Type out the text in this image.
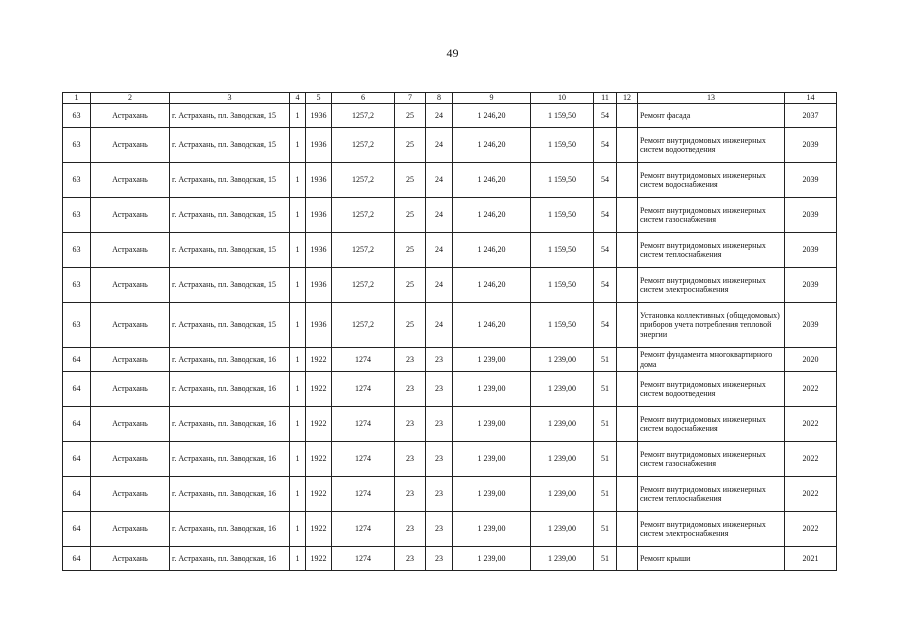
49
1	2	3	4	5	6	7	8	9	10	11	12	13	14
63	Астрахань	г. Астрахань, пл. Заводская, 15	1	1936	1257,2	25	24	1 246,20	1 159,50	54		Ремонт фасада	2037
63	Астрахань	г. Астрахань, пл. Заводская, 15	1	1936	1257,2	25	24	1 246,20	1 159,50	54		Ремонт внутридомовых инженерных систем водоотведения	2039
63	Астрахань	г. Астрахань, пл. Заводская, 15	1	1936	1257,2	25	24	1 246,20	1 159,50	54		Ремонт внутридомовых инженерных систем водоснабжения	2039
63	Астрахань	г. Астрахань, пл. Заводская, 15	1	1936	1257,2	25	24	1 246,20	1 159,50	54		Ремонт внутридомовых инженерных систем газоснабжения	2039
63	Астрахань	г. Астрахань, пл. Заводская, 15	1	1936	1257,2	25	24	1 246,20	1 159,50	54		Ремонт внутридомовых инженерных систем теплоснабжения	2039
63	Астрахань	г. Астрахань, пл. Заводская, 15	1	1936	1257,2	25	24	1 246,20	1 159,50	54		Ремонт внутридомовых инженерных систем электроснабжения	2039
63	Астрахань	г. Астрахань, пл. Заводская, 15	1	1936	1257,2	25	24	1 246,20	1 159,50	54		Установка коллективных (общедомовых) приборов учета потребления тепловой энергии	2039
64	Астрахань	г. Астрахань, пл. Заводская, 16	1	1922	1274	23	23	1 239,00	1 239,00	51		Ремонт фундамента многоквартирного дома	2020
64	Астрахань	г. Астрахань, пл. Заводская, 16	1	1922	1274	23	23	1 239,00	1 239,00	51		Ремонт внутридомовых инженерных систем водоотведения	2022
64	Астрахань	г. Астрахань, пл. Заводская, 16	1	1922	1274	23	23	1 239,00	1 239,00	51		Ремонт внутридомовых инженерных систем водоснабжения	2022
64	Астрахань	г. Астрахань, пл. Заводская, 16	1	1922	1274	23	23	1 239,00	1 239,00	51		Ремонт внутридомовых инженерных систем газоснабжения	2022
64	Астрахань	г. Астрахань, пл. Заводская, 16	1	1922	1274	23	23	1 239,00	1 239,00	51		Ремонт внутридомовых инженерных систем теплоснабжения	2022
64	Астрахань	г. Астрахань, пл. Заводская, 16	1	1922	1274	23	23	1 239,00	1 239,00	51		Ремонт внутридомовых инженерных систем электроснабжения	2022
64	Астрахань	г. Астрахань, пл. Заводская, 16	1	1922	1274	23	23	1 239,00	1 239,00	51		Ремонт крыши	2021
